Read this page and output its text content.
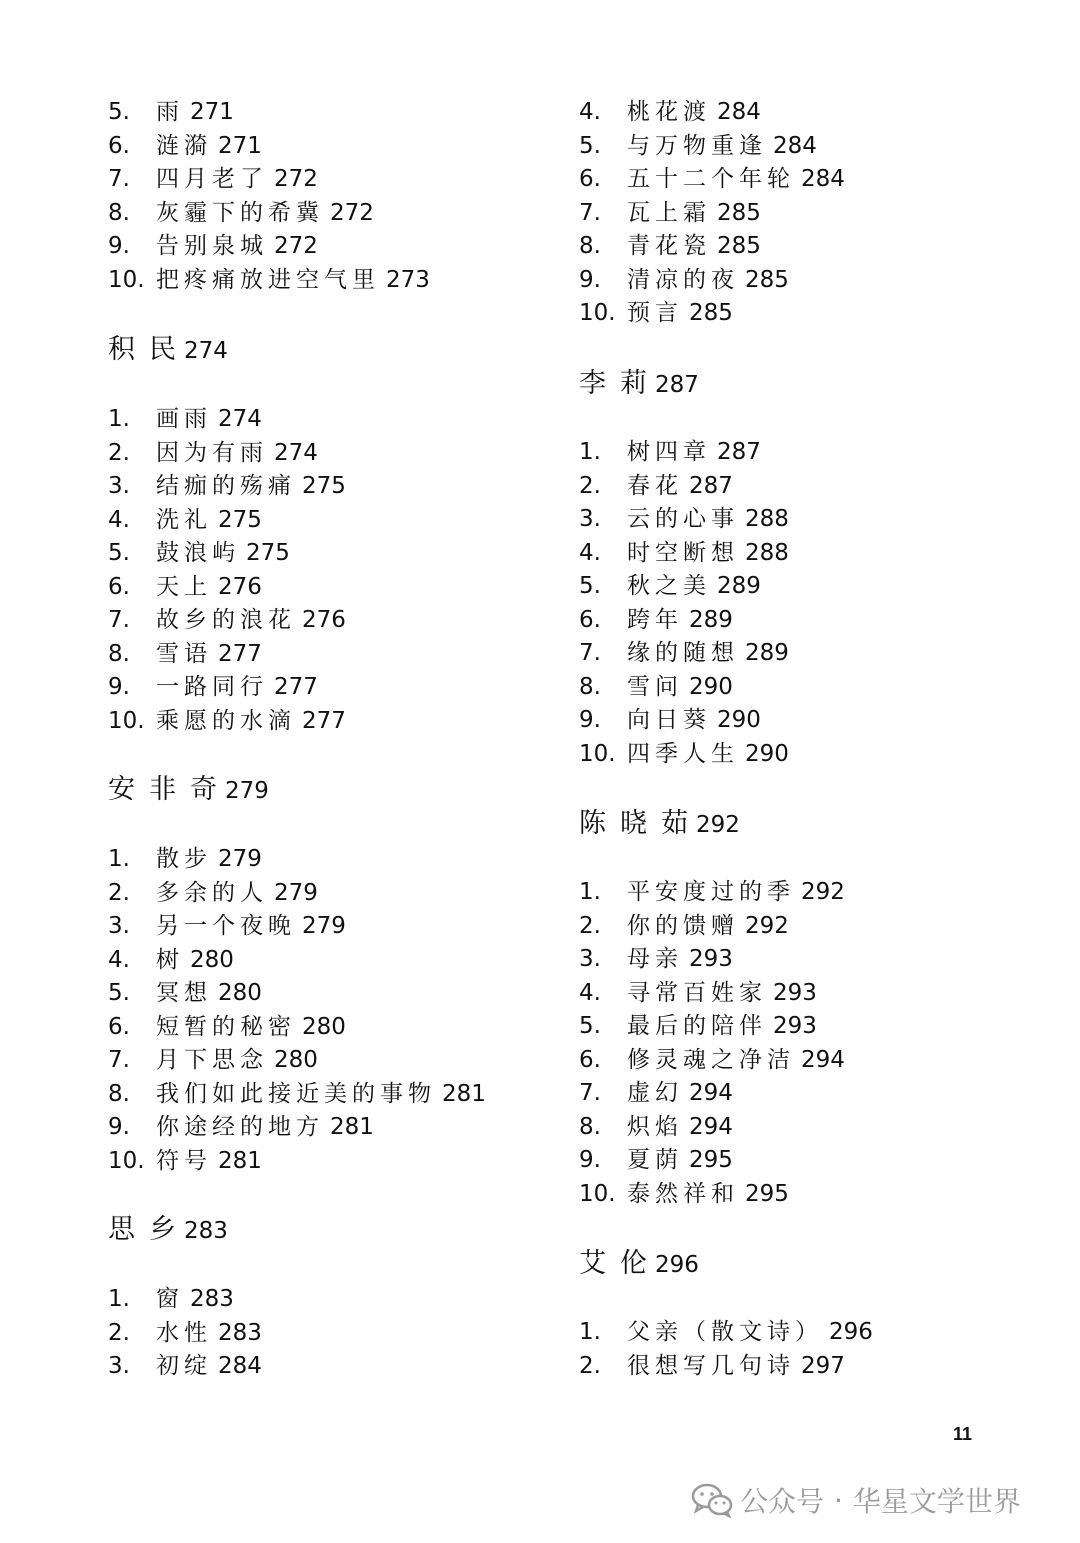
5. 雨 271
6. 涟漪 271
7. 四月老了 272
8. 灰霾下的希冀 272
9. 告别泉城 272
10. 把疼痛放进空气里 273
积民274
1. 画雨 274
2. 因为有雨 274
3. 结痂的殇痛 275
4. 洗礼 275
5. 鼓浪屿 275
6. 天上 276
7. 故乡的浪花 276
8. 雪语 277
9. 一路同行 277
10. 乘愿的水滴 277
安非奇279
1. 散步 279
2. 多余的人 279
3. 另一个夜晚 279
4. 树 280
5. 冥想 280
6. 短暂的秘密 280
7. 月下思念 280
8. 我们如此接近美的事物 281
9. 你途经的地方 281
10. 符号 281
思乡283
1. 窗 283
2. 水性 283
3. 初绽 284
4. 桃花渡 284
5. 与万物重逢 284
6. 五十二个年轮 284
7. 瓦上霜 285
8. 青花瓷 285
9. 清凉的夜 285
10. 预言 285
李莉287
1. 树四章 287
2. 春花 287
3. 云的心事 288
4. 时空断想 288
5. 秋之美 289
6. 跨年 289
7. 缘的随想 289
8. 雪问 290
9. 向日葵 290
10. 四季人生 290
陈晓茹292
1. 平安度过的季 292
2. 你的馈赠 292
3. 母亲 293
4. 寻常百姓家 293
5. 最后的陪伴 293
6. 修灵魂之净洁 294
7. 虚幻 294
8. 炽焰 294
9. 夏荫 295
10. 泰然祥和 295
艾伦296
1. 父亲（散文诗） 296
2. 很想写几句诗 297
11
公众号 · 华星文学世界
